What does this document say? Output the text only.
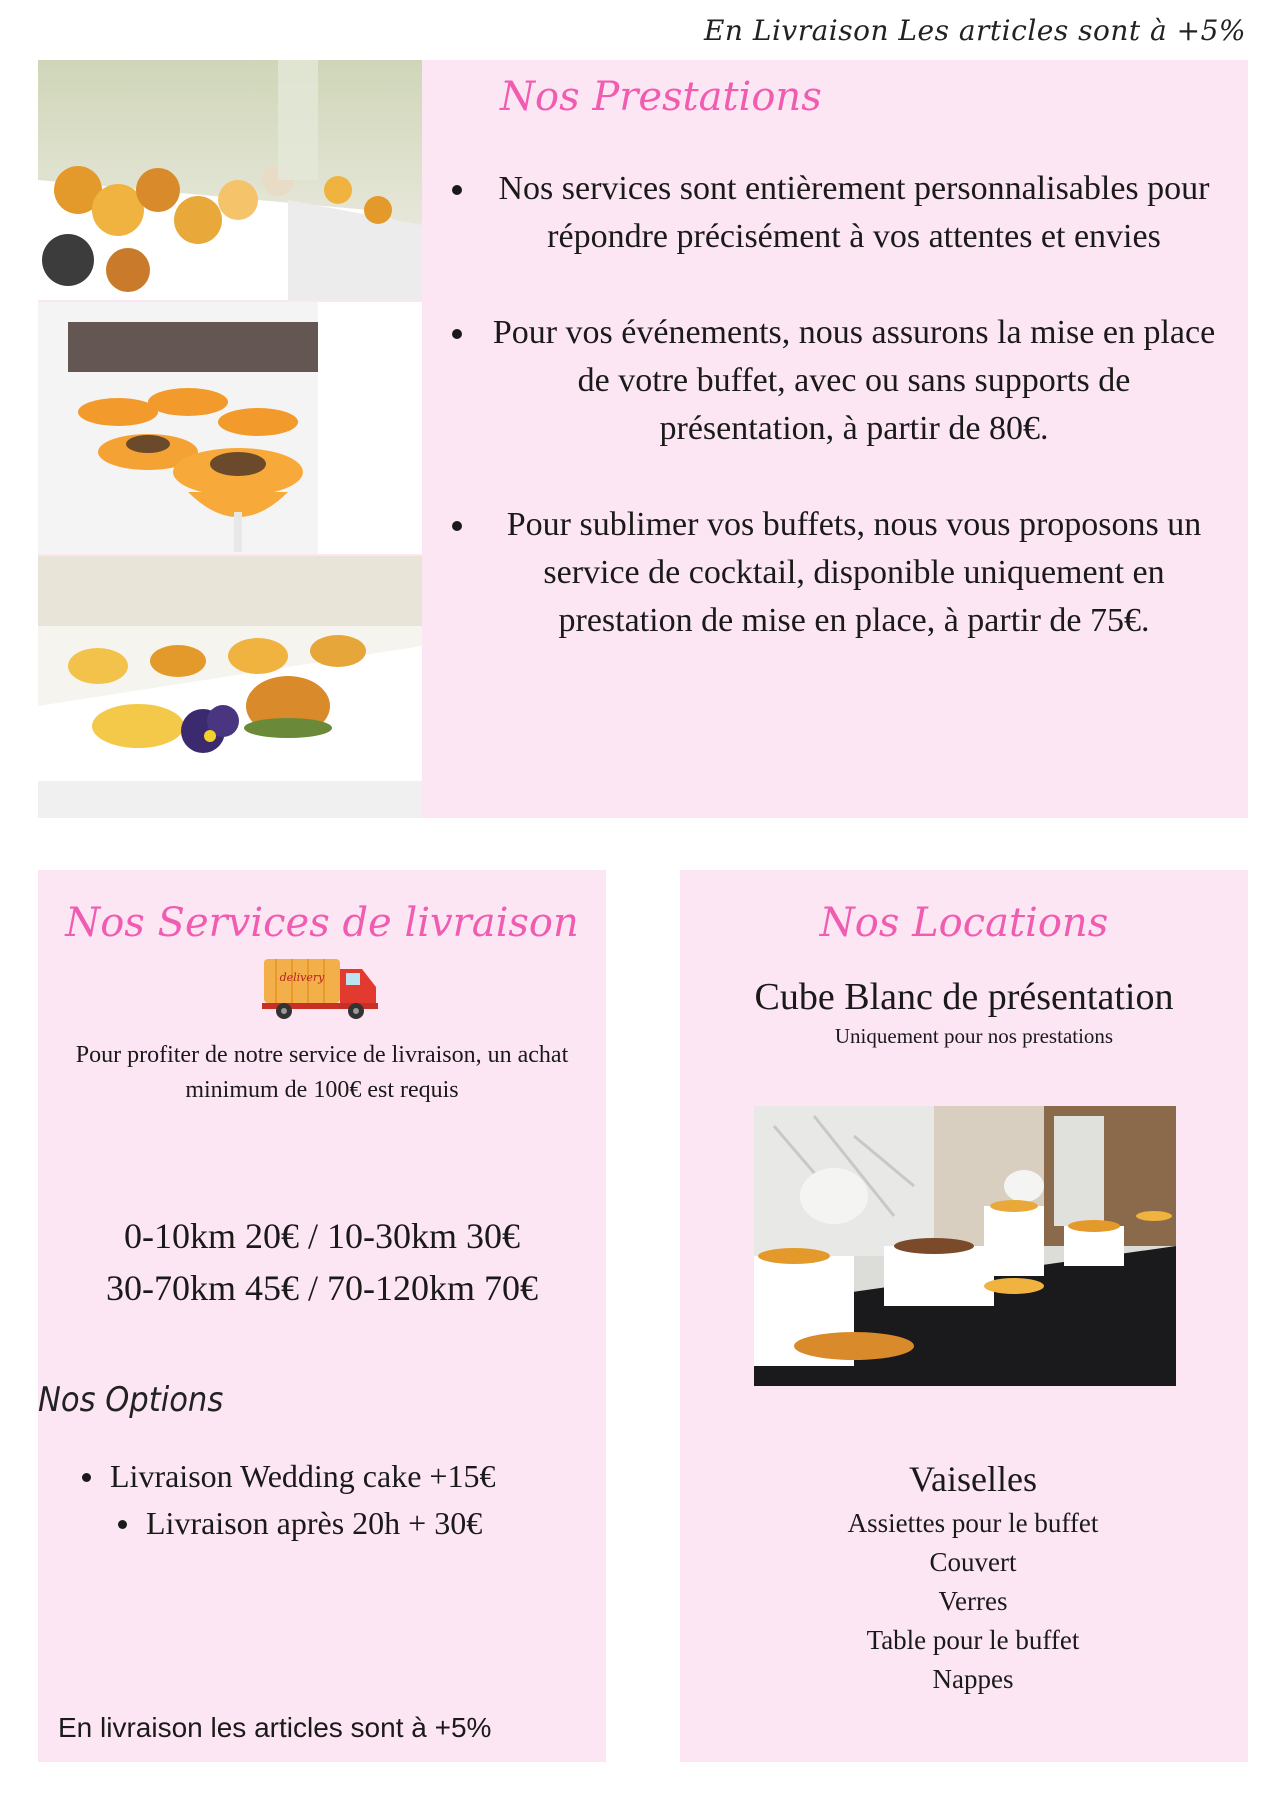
En Livraison Les articles sont à +5%
Nos Prestations
Nos services sont entièrement personnalisables pour répondre précisément à vos attentes et envies
Pour vos événements, nous assurons la mise en place de votre buffet, avec ou sans supports de présentation, à partir de 80€.
Pour sublimer vos buffets, nous vous proposons un service de cocktail, disponible uniquement en prestation de mise en place, à partir de 75€.
Nos Services de livraison
delivery
Pour profiter de notre service de livraison, un achat minimum de 100€ est requis
0-10km 20€ / 10-30km 30€
30-70km 45€ / 70-120km 70€
Nos Options
Livraison Wedding cake +15€
Livraison après 20h + 30€
En livraison les articles sont à +5%
Nos Locations
Cube Blanc de présentation
Uniquement pour nos prestations
Vaiselles
Assiettes pour le buffet
Couvert
Verres
Table pour le buffet
Nappes
